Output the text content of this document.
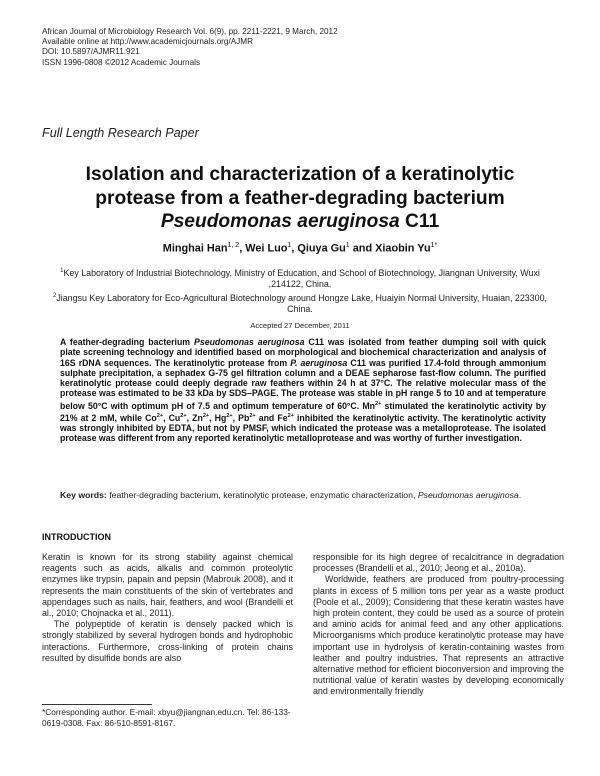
African Journal of Microbiology Research Vol. 6(9), pp. 2211-2221, 9 March, 2012
Available online at http://www.academicjournals.org/AJMR
DOI: 10.5897/AJMR11.921
ISSN 1996-0808 ©2012 Academic Journals
Full Length Research Paper
Isolation and characterization of a keratinolytic
protease from a feather-degrading bacterium
Pseudomonas aeruginosa C11
Minghai Han$^{1, 2}$, Wei Luo$^1$, Qiuya Gu$^1$ and Xiaobin $Yu^{1*}$
$^1$Key Laboratory of Industrial Biotechnology, Ministry of Education, and School of Biotechnology, Jiangnan University, Wuxi ,214122, China.
$^2$Jiangsu Key Laboratory for Eco-Agricultural Biotechnology around Hongze Lake, Huaiyin Normal University, Huaian, 223300, China.
Accepted 27 December, 2011
A feather-degrading bacterium Pseudomonas aeruginosa C11 was isolated from feather dumping soil with quick plate screening technology and identified based on morphological and biochemical characterization and analysis of 16S rDNA sequences. The keratinolytic protease from P. aeruginosa C11 was purified 17.4-fold through ammonium sulphate precipitation, a sephadex G-75 gel filtration column and a DEAE sepharose fast-flow column. The purified keratinolytic protease could deeply degrade raw feathers within 24 h at 37°C. The relative molecular mass of the protease was estimated to be 33 kDa by SDS–PAGE. The protease was stable in pH range 5 to 10 and at temperature below 50°C with optimum pH of 7.5 and optimum temperature of 60°C. $Mn^{2+}$ stimulated the keratinolytic activity by 21% at 2 mM, while $Co^{2+}$, $Cu^{2+}$, $Zn^{2+}$, $Hg^{2+}$, $Pb^{2+}$ and $Fe^{2+}$ inhibited the keratinolytic activity. The keratinolytic activity was strongly inhibited by EDTA, but not by PMSF, which indicated the protease was a metalloprotease. The isolated protease was different from any reported keratinolytic metalloprotease and was worthy of further investigation.
Key words: feather-degrading bacterium, keratinolytic protease, enzymatic characterization, Pseudomonas aeruginosa.
INTRODUCTION

Keratin is known for its strong stability against chemical reagents such as acids, alkalis and common proteolytic enzymes like trypsin, papain and pepsin (Mabrouk 2008), and it represents the main constituents of the skin of vertebrates and appendages such as nails, hair, feathers, and wool (Brandelli et al., 2010; Chojnacka et al., 2011).

The polypeptide of keratin is densely packed which is strongly stabilized by several hydrogen bonds and hydrophobic interactions. Furthermore, cross-linking of protein chains resulted by disulfide bonds are also

responsible for its high degree of recalcitrance in degradation processes (Brandelli et al., 2010; Jeong et al., 2010a).

Worldwide, feathers are produced from poultry-processing plants in excess of 5 million tons per year as a waste product (Poole et al., 2009); Considering that these keratin wastes have high protein content, they could be used as a source of protein and amino acids for animal feed and any other applications. Microorganisms which produce keratinolytic protease may have important use in hydrolysis of keratin-containing wastes from leather and poultry industries. That represents an attractive alternative method for efficient bioconversion and improving the nutritional value of keratin wastes by developing economically and environmentally friendly

*Corresponding author. E-mail: xbyu@jiangnan.edu.cn. Tel: 86-133-0619-0308. Fax: 86-510-8591-8167.
